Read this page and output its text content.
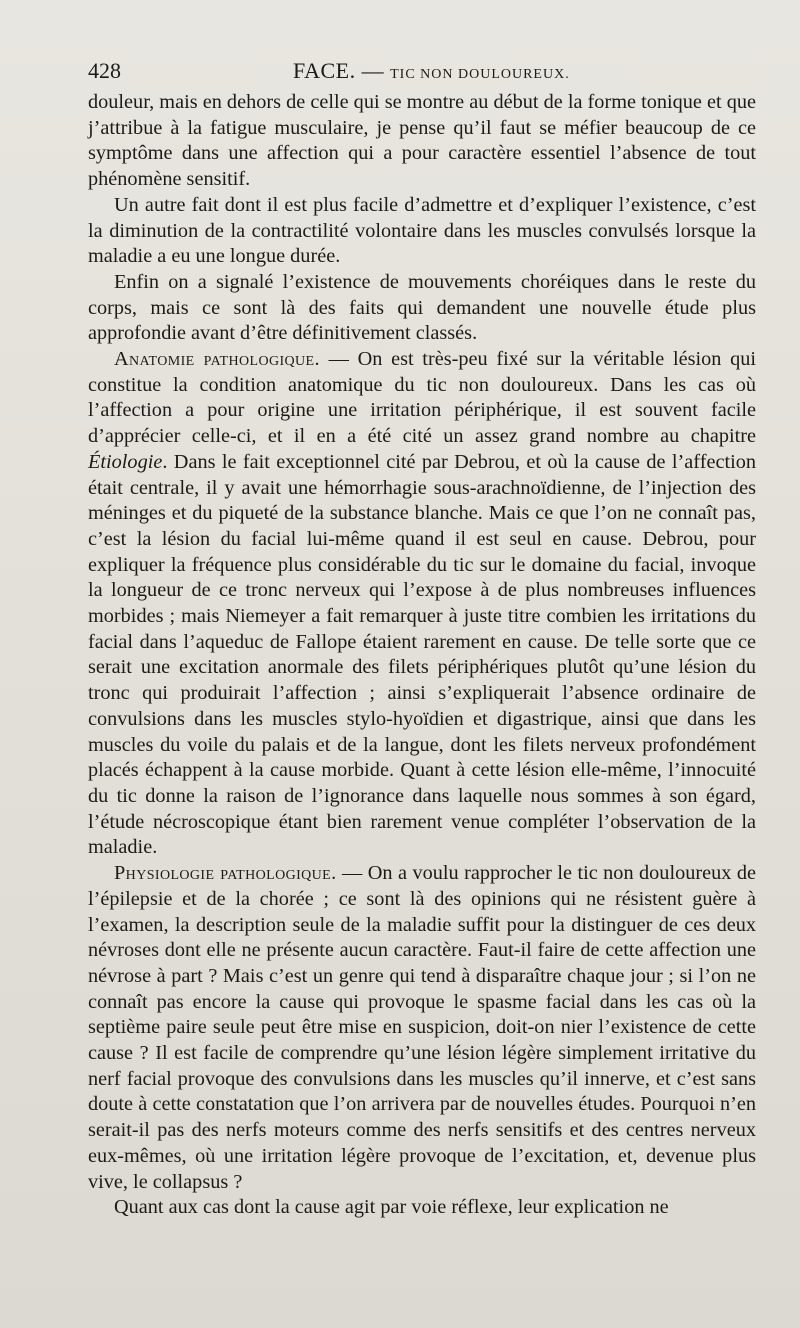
428	FACE. — TIC NON DOULOUREUX.

douleur, mais en dehors de celle qui se montre au début de la forme tonique et que j’attribue à la fatigue musculaire, je pense qu’il faut se méfier beaucoup de ce symptôme dans une affection qui a pour caractère essentiel l’absence de tout phénomène sensitif.

Un autre fait dont il est plus facile d’admettre et d’expliquer l’existence, c’est la diminution de la contractilité volontaire dans les muscles convulsés lorsque la maladie a eu une longue durée.

Enfin on a signalé l’existence de mouvements choréiques dans le reste du corps, mais ce sont là des faits qui demandent une nouvelle étude plus approfondie avant d’être définitivement classés.

Anatomie pathologique. — On est très-peu fixé sur la véritable lésion qui constitue la condition anatomique du tic non douloureux. Dans les cas où l’affection a pour origine une irritation périphérique, il est souvent facile d’apprécier celle-ci, et il en a été cité un assez grand nombre au chapitre Étiologie. Dans le fait exceptionnel cité par Debrou, et où la cause de l’affection était centrale, il y avait une hémorrhagie sous-arachnoïdienne, de l’injection des méninges et du piqueté de la substance blanche. Mais ce que l’on ne connaît pas, c’est la lésion du facial lui-même quand il est seul en cause. Debrou, pour expliquer la fréquence plus considérable du tic sur le domaine du facial, invoque la longueur de ce tronc nerveux qui l’expose à de plus nombreuses influences morbides ; mais Niemeyer a fait remarquer à juste titre combien les irritations du facial dans l’aqueduc de Fallope étaient rarement en cause. De telle sorte que ce serait une excitation anormale des filets périphériques plutôt qu’une lésion du tronc qui produirait l’affection ; ainsi s’expliquerait l’absence ordinaire de convulsions dans les muscles stylo-hyoïdien et digastrique, ainsi que dans les muscles du voile du palais et de la langue, dont les filets nerveux profondément placés échappent à la cause morbide. Quant à cette lésion elle-même, l’innocuité du tic donne la raison de l’ignorance dans laquelle nous sommes à son égard, l’étude nécroscopique étant bien rarement venue compléter l’observation de la maladie.

Physiologie pathologique. — On a voulu rapprocher le tic non douloureux de l’épilepsie et de la chorée ; ce sont là des opinions qui ne résistent guère à l’examen, la description seule de la maladie suffit pour la distinguer de ces deux névroses dont elle ne présente aucun caractère. Faut-il faire de cette affection une névrose à part ? Mais c’est un genre qui tend à disparaître chaque jour ; si l’on ne connaît pas encore la cause qui provoque le spasme facial dans les cas où la septième paire seule peut être mise en suspicion, doit-on nier l’existence de cette cause ? Il est facile de comprendre qu’une lésion légère simplement irritative du nerf facial provoque des convulsions dans les muscles qu’il innerve, et c’est sans doute à cette constatation que l’on arrivera par de nouvelles études. Pourquoi n’en serait-il pas des nerfs moteurs comme des nerfs sensitifs et des centres nerveux eux-mêmes, où une irritation légère provoque de l’excitation, et, devenue plus vive, le collapsus ?

Quant aux cas dont la cause agit par voie réflexe, leur explication ne
